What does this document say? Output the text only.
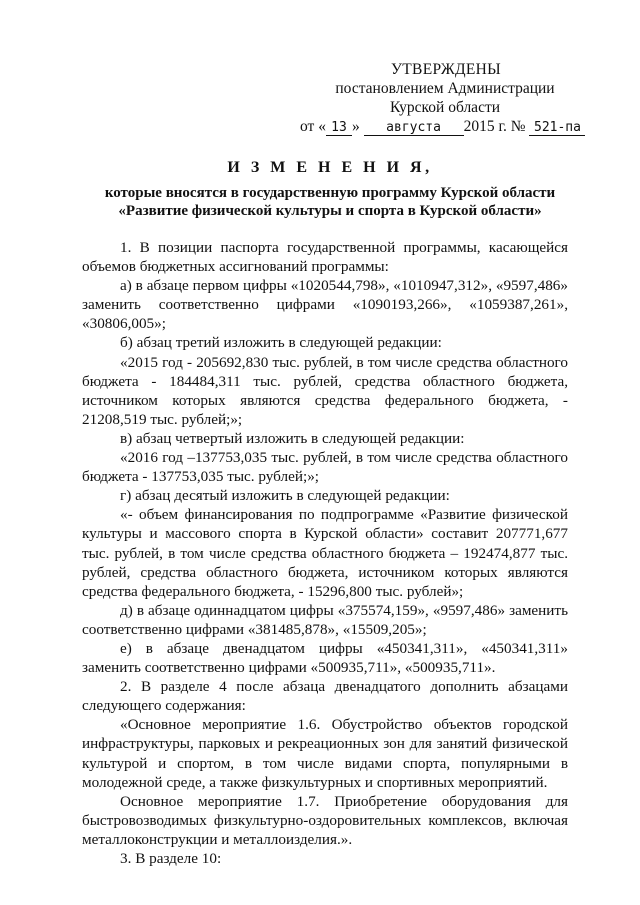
УТВЕРЖДЕНЫ
постановлением Администрации
Курской области
от « 13 » августа 2015 г. № 521-па
И З М Е Н Е Н И Я,
которые вносятся в государственную программу Курской области
«Развитие физической культуры и спорта в Курской области»

1. В позиции паспорта государственной программы, касающейся объемов бюджетных ассигнований программы:

а) в абзаце первом цифры «1020544,798», «1010947,312», «9597,486» заменить соответственно цифрами «1090193,266», «1059387,261», «30806,005»;

б) абзац третий изложить в следующей редакции:

«2015 год - 205692,830 тыс. рублей, в том числе средства областного бюджета - 184484,311 тыс. рублей, средства областного бюджета, источником которых являются средства федерального бюджета, - 21208,519 тыс. рублей;»;

в) абзац четвертый изложить в следующей редакции:

«2016 год –137753,035 тыс. рублей, в том числе средства областного бюджета - 137753,035 тыс. рублей;»;

г) абзац десятый изложить в следующей редакции:

«- объем финансирования по подпрограмме «Развитие физической культуры и массового спорта в Курской области» составит 207771,677 тыс. рублей, в том числе средства областного бюджета – 192474,877 тыс. рублей, средства областного бюджета, источником которых являются средства федерального бюджета, - 15296,800 тыс. рублей»;

д) в абзаце одиннадцатом цифры «375574,159», «9597,486» заменить соответственно цифрами «381485,878», «15509,205»;

е) в абзаце двенадцатом цифры «450341,311», «450341,311» заменить соответственно цифрами «500935,711», «500935,711».

2. В разделе 4 после абзаца двенадцатого дополнить абзацами следующего содержания:

«Основное мероприятие 1.6. Обустройство объектов городской инфраструктуры, парковых и рекреационных зон для занятий физической культурой и спортом, в том числе видами спорта, популярными в молодежной среде, а также физкультурных и спортивных мероприятий.

Основное мероприятие 1.7. Приобретение оборудования для быстровозводимых физкультурно-оздоровительных комплексов, включая металлоконструкции и металлоизделия.».

3. В разделе 10:
